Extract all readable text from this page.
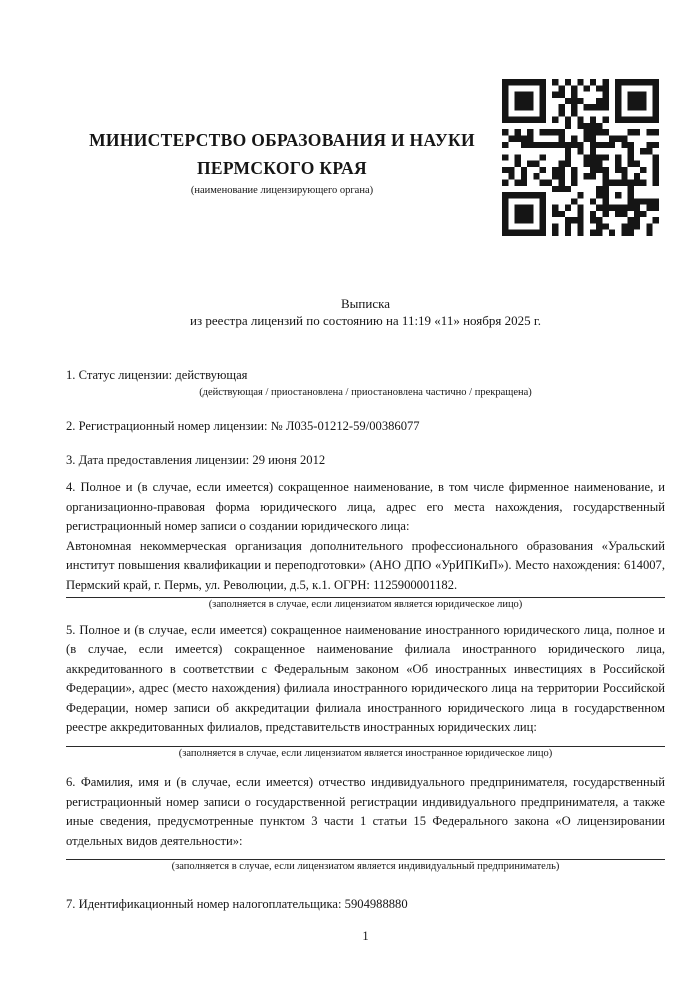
МИНИСТЕРСТВО ОБРАЗОВАНИЯ И НАУКИ
ПЕРМСКОГО КРАЯ
(наименование лицензирующего органа)
Выписка
из реестра лицензий по состоянию на 11:19 «11» ноября 2025 г.
1. Статус лицензии: действующая
(действующая / приостановлена / приостановлена частично / прекращена)
2. Регистрационный номер лицензии: № Л035-01212-59/00386077
3. Дата предоставления лицензии: 29 июня 2012
4. Полное и (в случае, если имеется) сокращенное наименование, в том числе фирменное наименование, и организационно-правовая форма юридического лица, адрес его места нахождения, государственный регистрационный номер записи о создании юридического лица:
Автономная некоммерческая организация дополнительного профессионального образования «Уральский институт повышения квалификации и переподготовки» (АНО ДПО «УрИПКиП»). Место нахождения: 614007, Пермский край, г. Пермь, ул. Революции, д.5, к.1. ОГРН: 1125900001182.
(заполняется в случае, если лицензиатом является юридическое лицо)
5. Полное и (в случае, если имеется) сокращенное наименование иностранного юридического лица, полное и (в случае, если имеется) сокращенное наименование филиала иностранного юридического лица, аккредитованного в соответствии с Федеральным законом «Об иностранных инвестициях в Российской Федерации», адрес (место нахождения) филиала иностранного юридического лица на территории Российской Федерации, номер записи об аккредитации филиала иностранного юридического лица в государственном реестре аккредитованных филиалов, представительств иностранных юридических лиц:
(заполняется в случае, если лицензиатом является иностранное юридическое лицо)
6. Фамилия, имя и (в случае, если имеется) отчество индивидуального предпринимателя, государственный регистрационный номер записи о государственной регистрации индивидуального предпринимателя, а также иные сведения, предусмотренные пунктом 3 части 1 статьи 15 Федерального закона «О лицензировании отдельных видов деятельности»:
(заполняется в случае, если лицензиатом является индивидуальный предприниматель)
7. Идентификационный номер налогоплательщика: 5904988880
1
